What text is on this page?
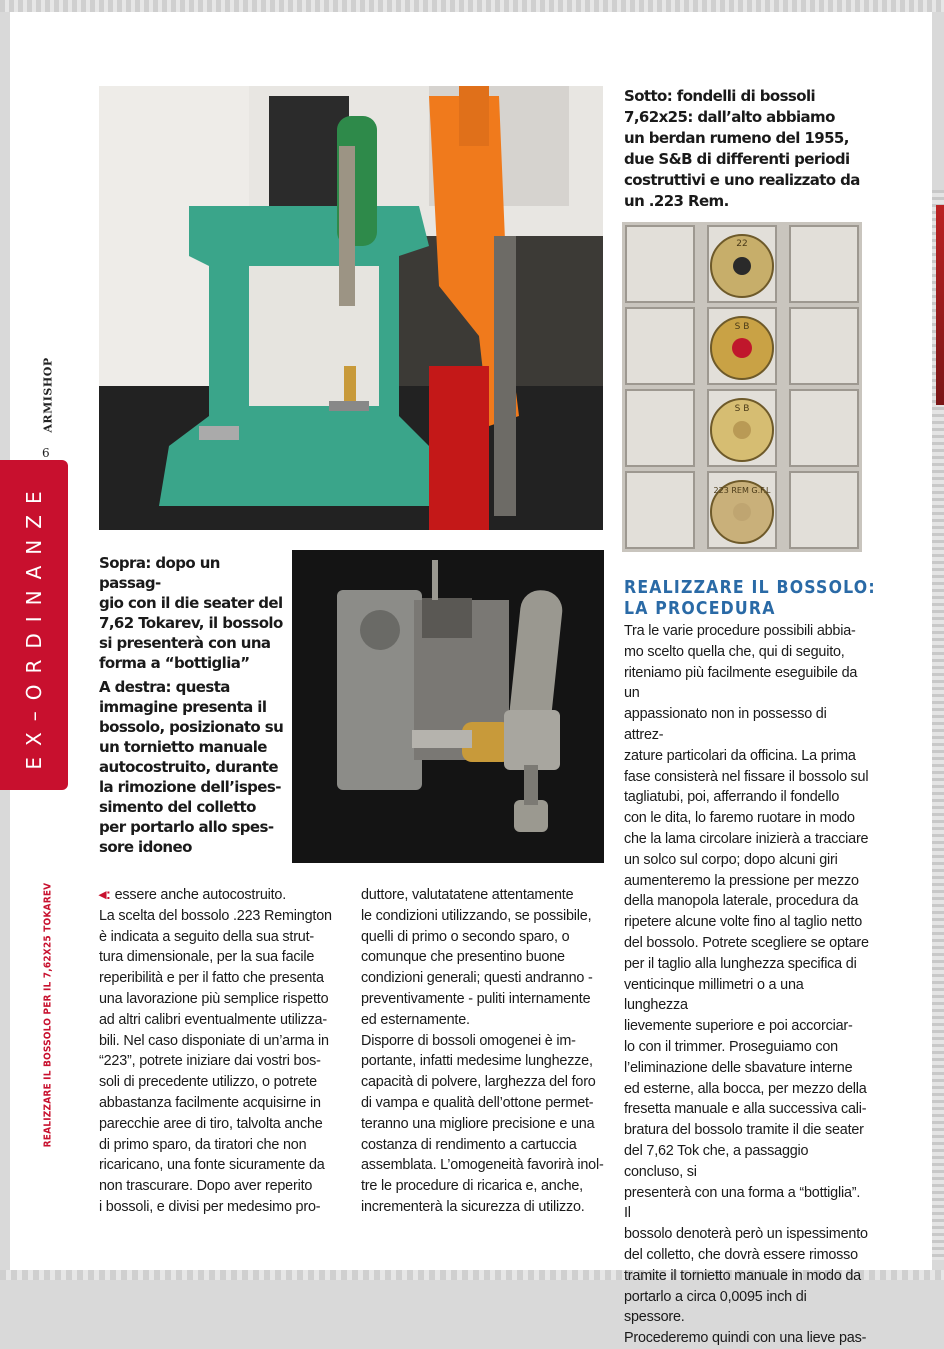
EX–ORDINANZE
ARMISHOP
6
REALIZZARE IL BOSSOLO PER IL 7,62X25 TOKAREV
Sotto: fondelli di bossoli
7,62x25: dall’alto abbiamo
un berdan rumeno del 1955,
due S&B di differenti periodi
costruttivi e uno realizzato da
un .223 Rem.
22
S B
S B
223 REM G.F.L
Sopra: dopo un passag-
gio con il die seater del
7,62 Tokarev, il bossolo
si presenterà con una
forma a “bottiglia”
A destra: questa
immagine presenta il
bossolo, posizionato su
un tornietto manuale
autocostruito, durante
la rimozione dell’ispes-
simento del colletto
per portarlo allo spes-
sore idoneo
REALIZZARE IL BOSSOLO:
LA PROCEDURA

◂: essere anche autocostruito.

La scelta del bossolo .223 Remington

è indicata a seguito della sua strut-

tura dimensionale, per la sua facile

reperibilità e per il fatto che presenta

una lavorazione più semplice rispetto

ad altri calibri eventualmente utilizza-

bili. Nel caso disponiate di un’arma in

“223”, potrete iniziare dai vostri bos-

soli di precedente utilizzo, o potrete

abbastanza facilmente acquisirne in

parecchie aree di tiro, talvolta anche

di primo sparo, da tiratori che non

ricaricano, una fonte sicuramente da

non trascurare. Dopo aver reperito

i bossoli, e divisi per medesimo pro-

duttore, valutatatene attentamente

le condizioni utilizzando, se possibile,

quelli di primo o secondo sparo, o

comunque che presentino buone

condizioni generali; questi andranno -

preventivamente - puliti internamente

ed esternamente.

Disporre di bossoli omogenei è im-

portante, infatti medesime lunghezze,

capacità di polvere, larghezza del foro

di vampa e qualità dell’ottone permet-

teranno una migliore precisione e una

costanza di rendimento a cartuccia

assemblata. L’omogeneità favorirà inol-

tre le procedure di ricarica e, anche,

incrementerà la sicurezza di utilizzo.

Tra le varie procedure possibili abbia-

mo scelto quella che, qui di seguito,

riteniamo più facilmente eseguibile da un

appassionato non in possesso di attrez-

zature particolari da officina. La prima

fase consisterà nel fissare il bossolo sul

tagliatubi, poi, afferrando il fondello

con le dita, lo faremo ruotare in modo

che la lama circolare inizierà a tracciare

un solco sul corpo; dopo alcuni giri

aumenteremo la pressione per mezzo

della manopola laterale, procedura da

ripetere alcune volte fino al taglio netto

del bossolo. Potrete scegliere se optare

per il taglio alla lunghezza specifica di

venticinque millimetri o a una lunghezza

lievemente superiore e poi accorciar-

lo con il trimmer. Proseguiamo con

l’eliminazione delle sbavature interne

ed esterne, alla bocca, per mezzo della

fresetta manuale e alla successiva cali-

bratura del bossolo tramite il die seater

del 7,62 Tok che, a passaggio concluso, si

presenterà con una forma a “bottiglia”. Il

bossolo denoterà però un ispessimento

del colletto, che dovrà essere rimosso

tramite il tornietto manuale in modo da

portarlo a circa 0,0095 inch di spessore.

Procederemo quindi con una lieve pas-
